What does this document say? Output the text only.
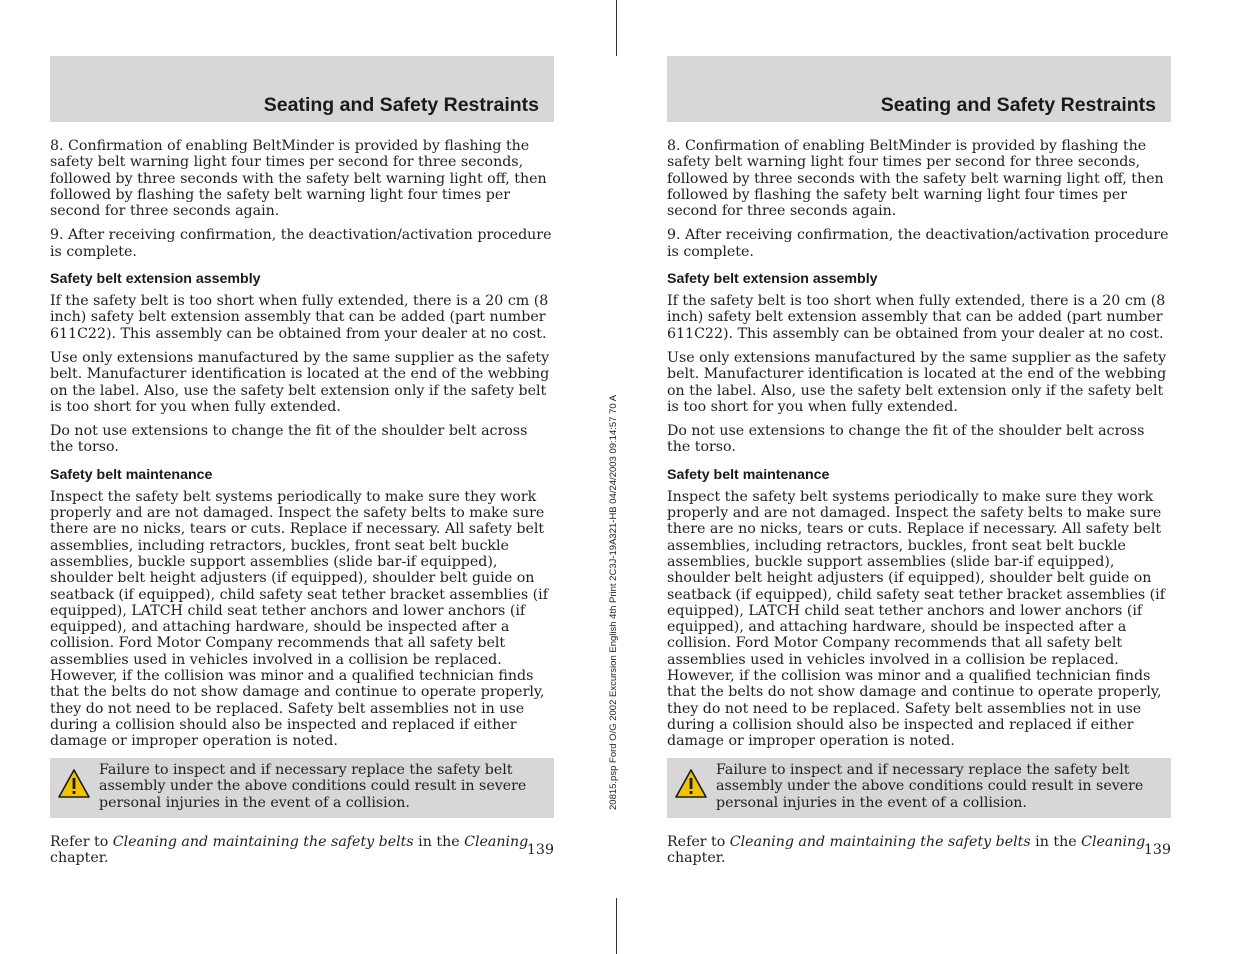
Seating and Safety Restraints

8. Confirmation of enabling BeltMinder is provided by flashing the safety belt warning light four times per second for three seconds, followed by three seconds with the safety belt warning light off, then followed by flashing the safety belt warning light four times per second for three seconds again.

9. After receiving confirmation, the deactivation/activation procedure is complete.

Safety belt extension assembly

If the safety belt is too short when fully extended, there is a 20 cm (8 inch) safety belt extension assembly that can be added (part number 611C22). This assembly can be obtained from your dealer at no cost.

Use only extensions manufactured by the same supplier as the safety belt. Manufacturer identification is located at the end of the webbing on the label. Also, use the safety belt extension only if the safety belt is too short for you when fully extended.

Do not use extensions to change the fit of the shoulder belt across the torso.

Safety belt maintenance

Inspect the safety belt systems periodically to make sure they work properly and are not damaged. Inspect the safety belts to make sure there are no nicks, tears or cuts. Replace if necessary. All safety belt assemblies, including retractors, buckles, front seat belt buckle assemblies, buckle support assemblies (slide bar-if equipped), shoulder belt height adjusters (if equipped), shoulder belt guide on seatback (if equipped), child safety seat tether bracket assemblies (if equipped), LATCH child seat tether anchors and lower anchors (if equipped), and attaching hardware, should be inspected after a collision. Ford Motor Company recommends that all safety belt assemblies used in vehicles involved in a collision be replaced. However, if the collision was minor and a qualified technician finds that the belts do not show damage and continue to operate properly, they do not need to be replaced. Safety belt assemblies not in use during a collision should also be inspected and replaced if either damage or improper operation is noted.

Failure to inspect and if necessary replace the safety belt assembly under the above conditions could result in severe personal injuries in the event of a collision.

Refer to Cleaning and maintaining the safety belts in the Cleaning chapter.

139
20815.psp Ford O/G 2002 Excursion English 4th Print 2C3J-19A321-HB 04/24/2003 09:14:57 70 A
Seating and Safety Restraints

8. Confirmation of enabling BeltMinder is provided by flashing the safety belt warning light four times per second for three seconds, followed by three seconds with the safety belt warning light off, then followed by flashing the safety belt warning light four times per second for three seconds again.

9. After receiving confirmation, the deactivation/activation procedure is complete.

Safety belt extension assembly

If the safety belt is too short when fully extended, there is a 20 cm (8 inch) safety belt extension assembly that can be added (part number 611C22). This assembly can be obtained from your dealer at no cost.

Use only extensions manufactured by the same supplier as the safety belt. Manufacturer identification is located at the end of the webbing on the label. Also, use the safety belt extension only if the safety belt is too short for you when fully extended.

Do not use extensions to change the fit of the shoulder belt across the torso.

Safety belt maintenance

Inspect the safety belt systems periodically to make sure they work properly and are not damaged. Inspect the safety belts to make sure there are no nicks, tears or cuts. Replace if necessary. All safety belt assemblies, including retractors, buckles, front seat belt buckle assemblies, buckle support assemblies (slide bar-if equipped), shoulder belt height adjusters (if equipped), shoulder belt guide on seatback (if equipped), child safety seat tether bracket assemblies (if equipped), LATCH child seat tether anchors and lower anchors (if equipped), and attaching hardware, should be inspected after a collision. Ford Motor Company recommends that all safety belt assemblies used in vehicles involved in a collision be replaced. However, if the collision was minor and a qualified technician finds that the belts do not show damage and continue to operate properly, they do not need to be replaced. Safety belt assemblies not in use during a collision should also be inspected and replaced if either damage or improper operation is noted.

Failure to inspect and if necessary replace the safety belt assembly under the above conditions could result in severe personal injuries in the event of a collision.

Refer to Cleaning and maintaining the safety belts in the Cleaning chapter.

139
